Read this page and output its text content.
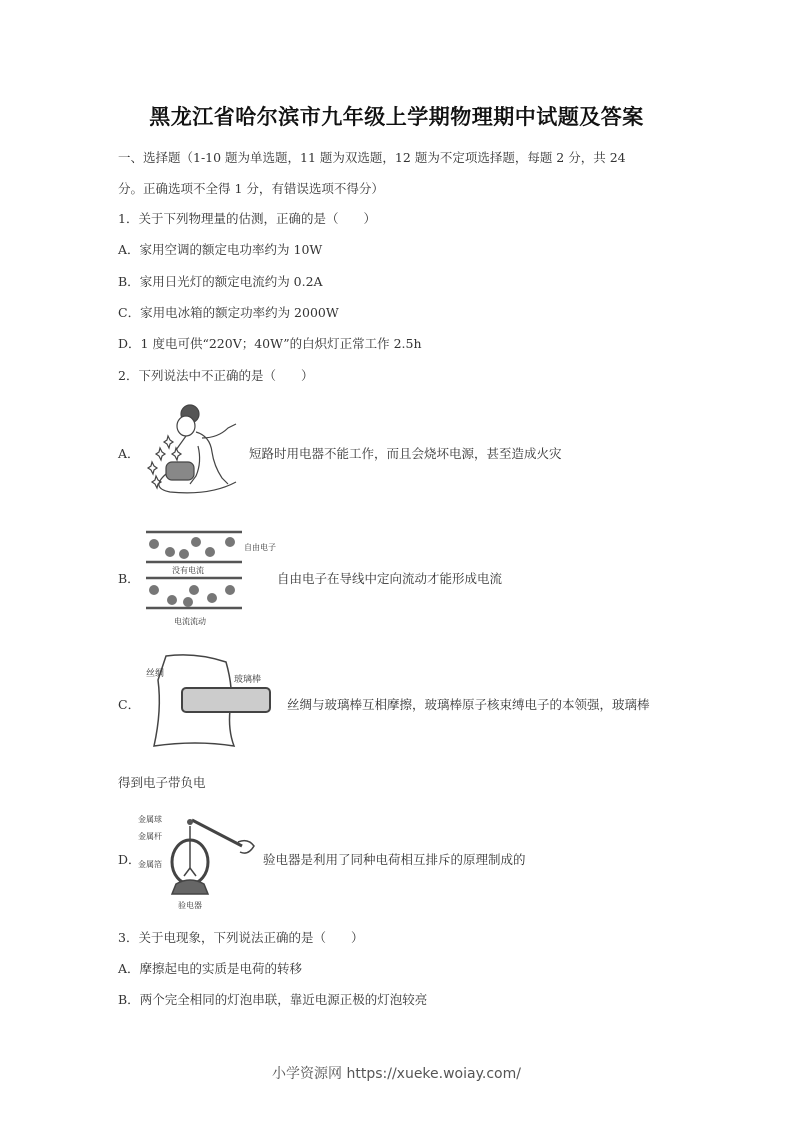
黑龙江省哈尔滨市九年级上学期物理期中试题及答案
一、选择题（1-10 题为单选题，11 题为双选题，12 题为不定项选择题，每题 2 分，共 24
分。正确选项不全得 1 分，有错误选项不得分）
1．关于下列物理量的估测，正确的是（　　）
A．家用空调的额定电功率约为 10W
B．家用日光灯的额定电流约为 0.2A
C．家用电冰箱的额定功率约为 2000W
D．1 度电可供“220V；40W”的白炽灯正常工作 2.5h
2．下列说法中不正确的是（　　）
A．	短路时用电器不能工作，而且会烧坏电源，甚至造成火灾
B．
自由电子
没有电流
电流流动
自由电子在导线中定向流动才能形成电流
C．
丝绸
玻璃棒
丝绸与玻璃棒互相摩擦，玻璃棒原子核束缚电子的本领强，玻璃棒
得到电子带负电
D．
金属球
金属杆
金属箔
验电器
验电器是利用了同种电荷相互排斥的原理制成的
3．关于电现象，下列说法正确的是（　　）
A．摩擦起电的实质是电荷的转移
B．两个完全相同的灯泡串联，靠近电源正极的灯泡较亮
小学资源网 https://xueke.woiay.com/
